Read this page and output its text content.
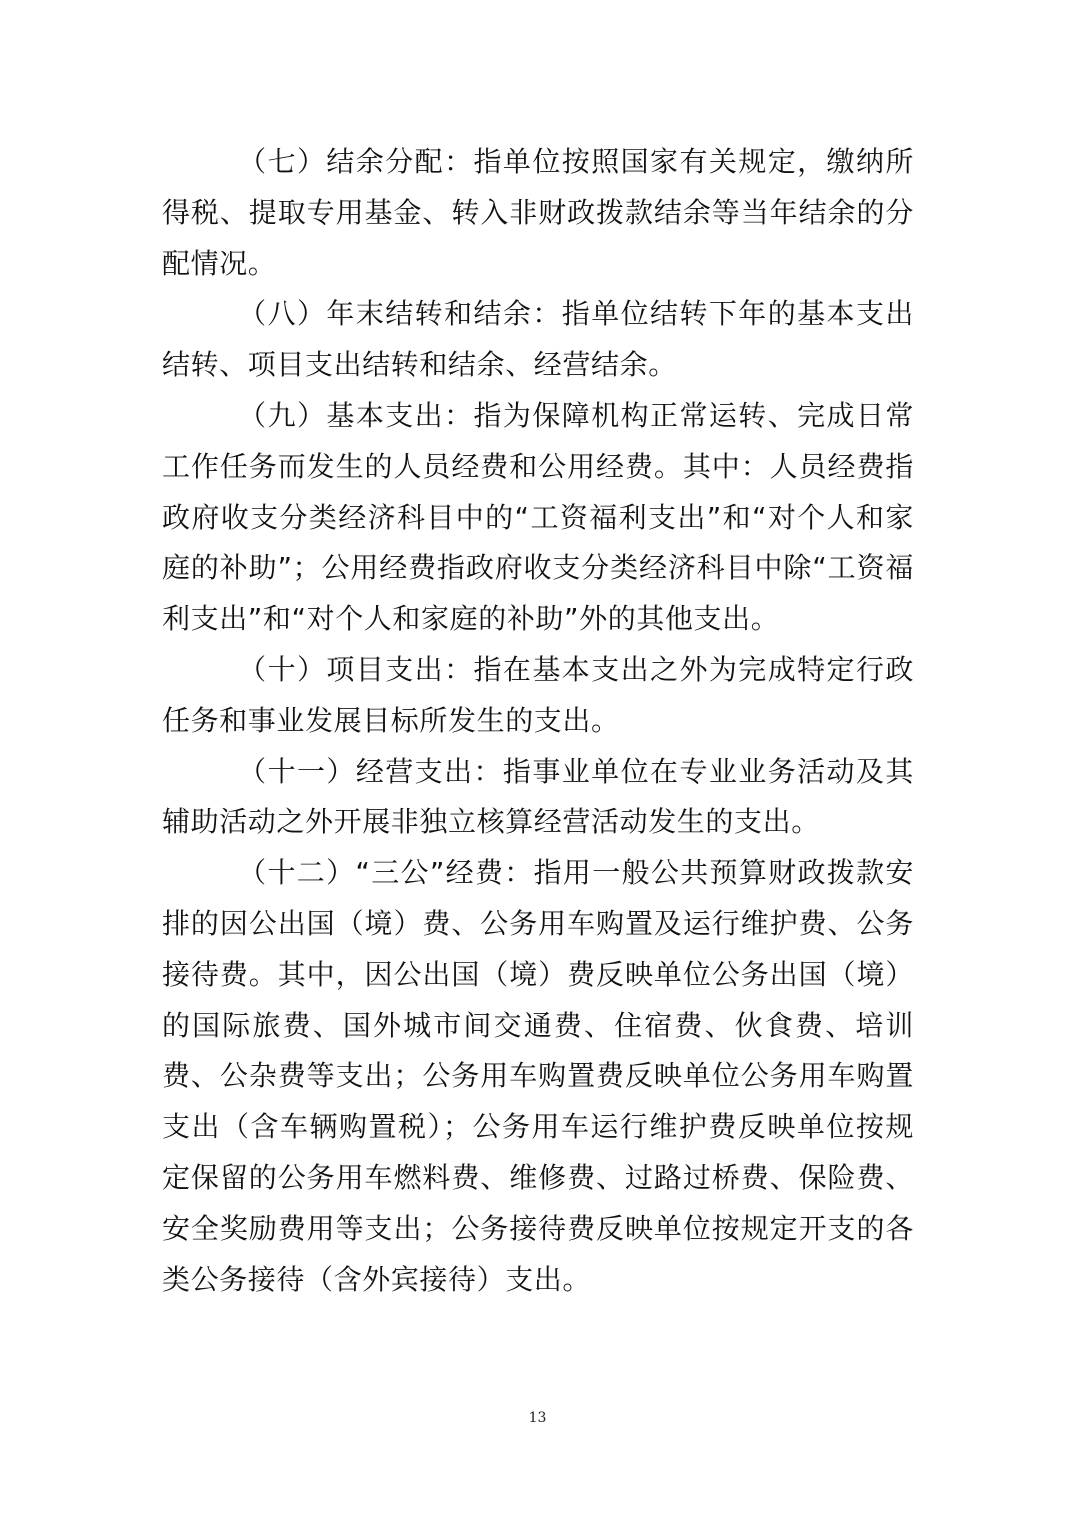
（七）结余分配：指单位按照国家有关规定，缴纳所得税、提取专用基金、转入非财政拨款结余等当年结余的分配情况。

（八）年末结转和结余：指单位结转下年的基本支出结转、项目支出结转和结余、经营结余。

（九）基本支出：指为保障机构正常运转、完成日常工作任务而发生的人员经费和公用经费。其中：人员经费指政府收支分类经济科目中的“工资福利支出”和“对个人和家庭的补助”；公用经费指政府收支分类经济科目中除“工资福利支出”和“对个人和家庭的补助”外的其他支出。

（十）项目支出：指在基本支出之外为完成特定行政任务和事业发展目标所发生的支出。

（十一）经营支出：指事业单位在专业业务活动及其辅助活动之外开展非独立核算经营活动发生的支出。

（十二）“三公”经费：指用一般公共预算财政拨款安排的因公出国（境）费、公务用车购置及运行维护费、公务接待费。其中，因公出国（境）费反映单位公务出国（境）的国际旅费、国外城市间交通费、住宿费、伙食费、培训费、公杂费等支出；公务用车购置费反映单位公务用车购置支出（含车辆购置税）；公务用车运行维护费反映单位按规定保留的公务用车燃料费、维修费、过路过桥费、保险费、安全奖励费用等支出；公务接待费反映单位按规定开支的各类公务接待（含外宾接待）支出。

13
